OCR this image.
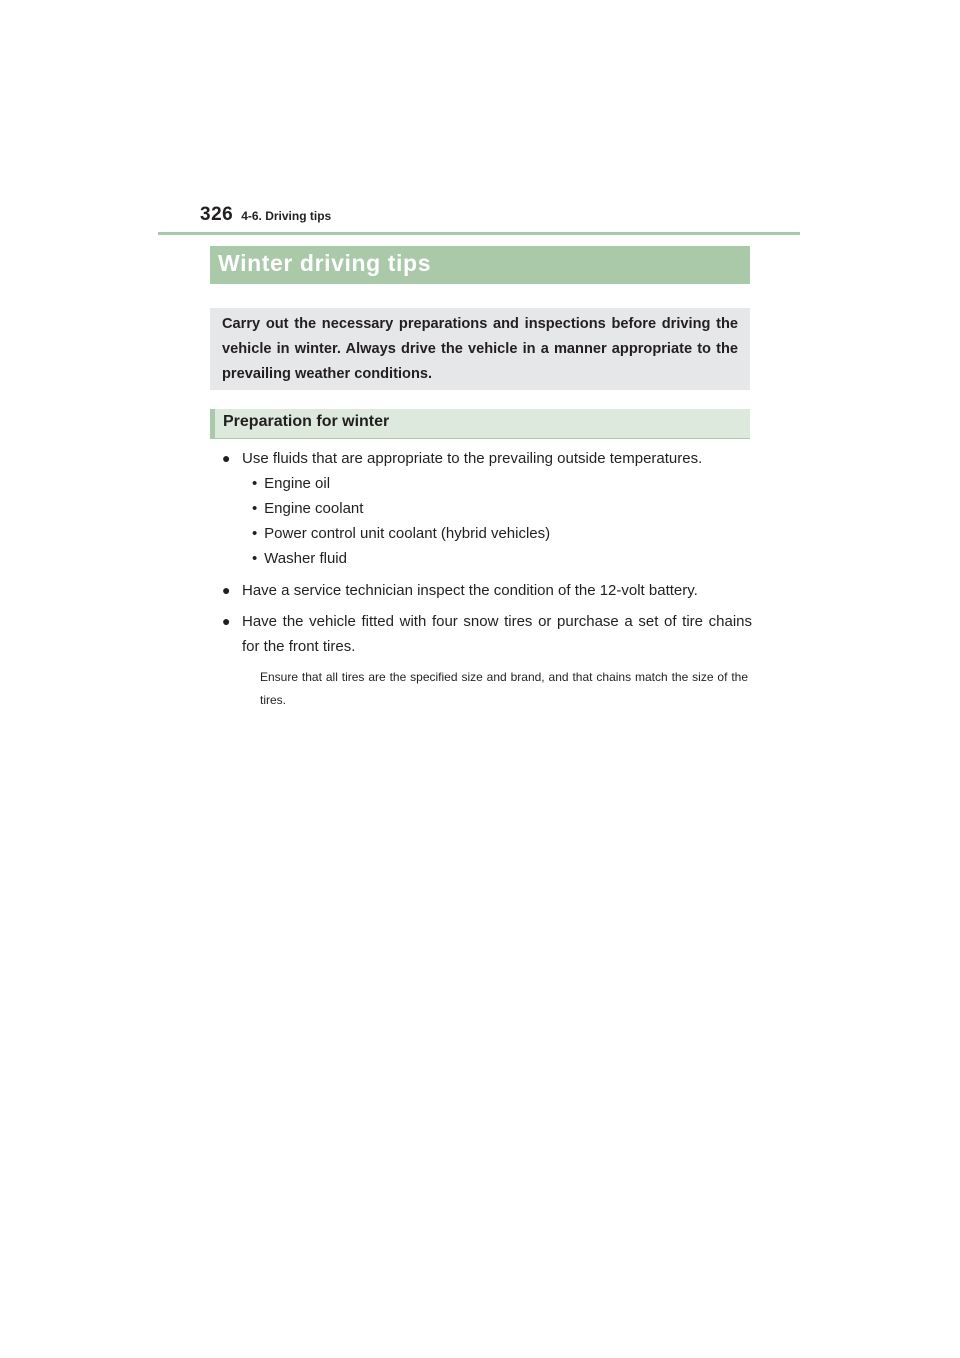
326 4-6. Driving tips
Winter driving tips
Carry out the necessary preparations and inspections before driving the vehicle in winter. Always drive the vehicle in a manner appropriate to the prevailing weather conditions.
Preparation for winter
● Use fluids that are appropriate to the prevailing outside temperatures.
• Engine oil
• Engine coolant
• Power control unit coolant (hybrid vehicles)
• Washer fluid
● Have a service technician inspect the condition of the 12-volt battery.
● Have the vehicle fitted with four snow tires or purchase a set of tire chains for the front tires.
Ensure that all tires are the specified size and brand, and that chains match the size of the tires.
